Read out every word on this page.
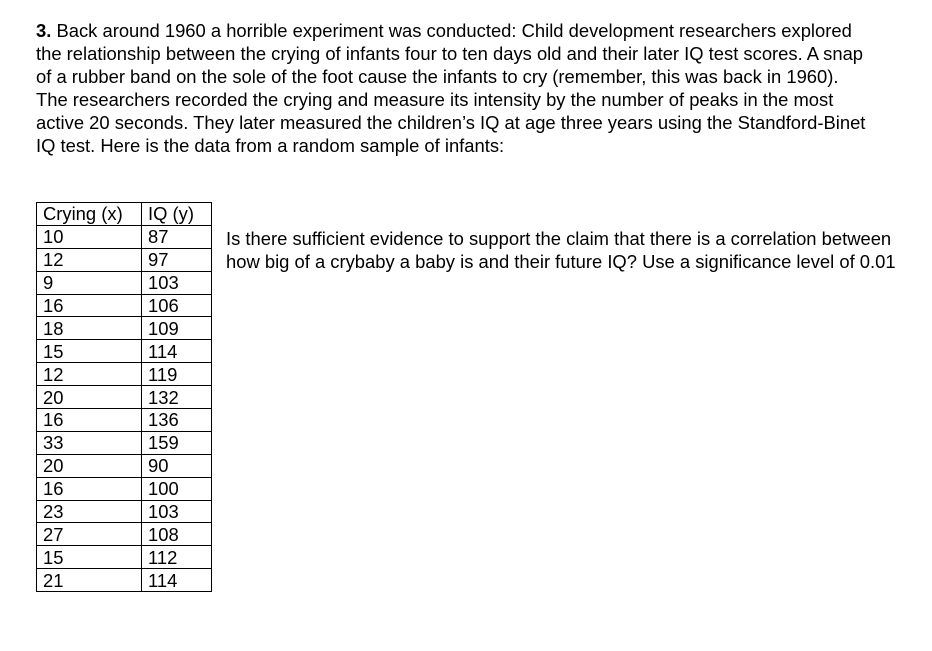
3. Back around 1960 a horrible experiment was conducted: Child development researchers explored the relationship between the crying of infants four to ten days old and their later IQ test scores. A snap of a rubber band on the sole of the foot cause the infants to cry (remember, this was back in 1960). The researchers recorded the crying and measure its intensity by the number of peaks in the most active 20 seconds. They later measured the children’s IQ at age three years using the Standford-Binet IQ test. Here is the data from a random sample of infants:

Crying (x)	IQ (y)
10	87
12	97
9	103
16	106
18	109
15	114
12	119
20	132
16	136
33	159
20	90
16	100
23	103
27	108
15	112
21	114

Is there sufficient evidence to support the claim that there is a correlation between how big of a crybaby a baby is and their future IQ? Use a significance level of 0.01
